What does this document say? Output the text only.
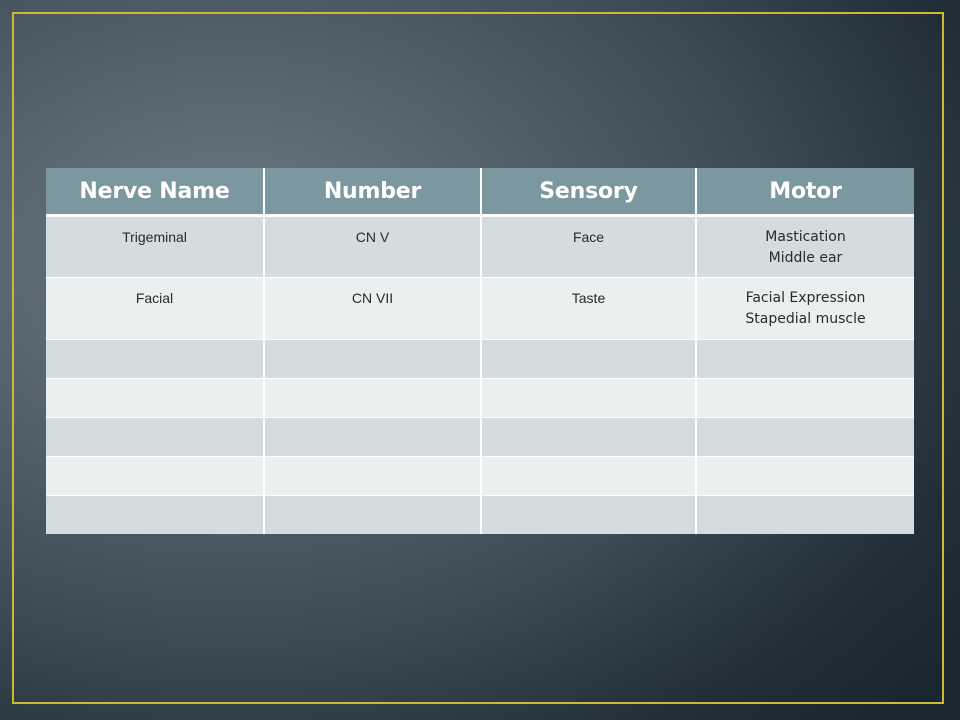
Nerve Name	Number	Sensory	Motor
Trigeminal	CN V	Face	Mastication
Middle ear

Facial	CN VII	Taste	Facial Expression
Stapedial muscle
